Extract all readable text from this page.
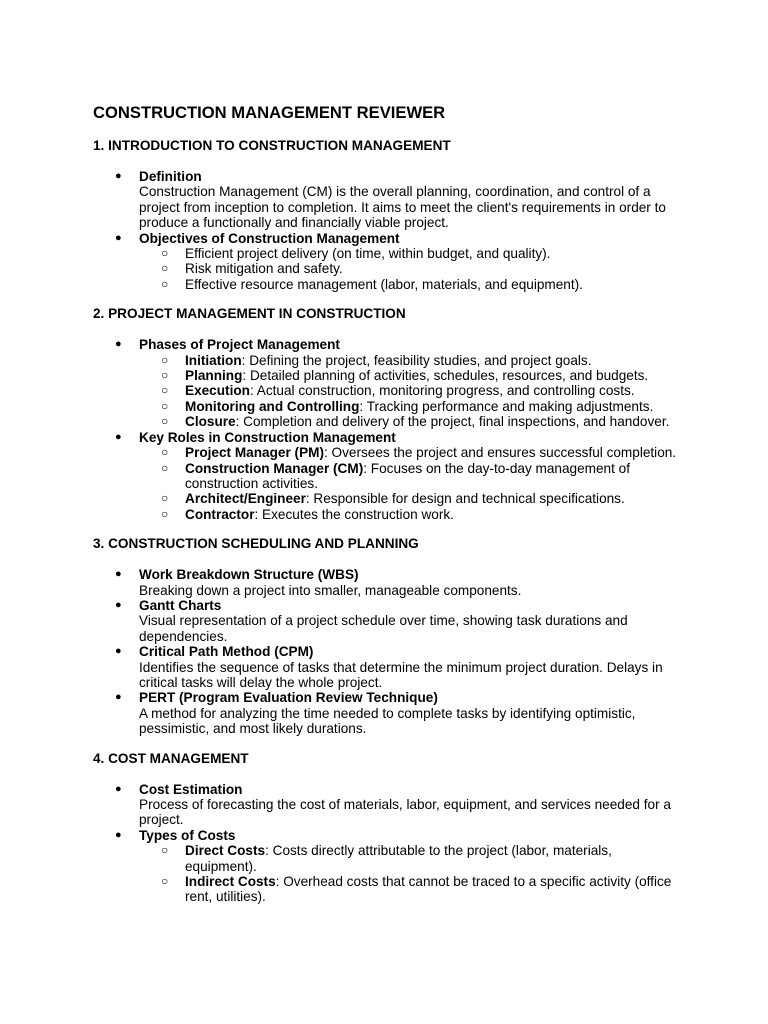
CONSTRUCTION MANAGEMENT REVIEWER
1. INTRODUCTION TO CONSTRUCTION MANAGEMENT
● Definition
Construction Management (CM) is the overall planning, coordination, and control of a project from inception to completion. It aims to meet the client's requirements in order to produce a functionally and financially viable project.
● Objectives of Construction Management
○ Efficient project delivery (on time, within budget, and quality).
○ Risk mitigation and safety.
○ Effective resource management (labor, materials, and equipment).
2. PROJECT MANAGEMENT IN CONSTRUCTION
● Phases of Project Management
○ Initiation: Defining the project, feasibility studies, and project goals.
○ Planning: Detailed planning of activities, schedules, resources, and budgets.
○ Execution: Actual construction, monitoring progress, and controlling costs.
○ Monitoring and Controlling: Tracking performance and making adjustments.
○ Closure: Completion and delivery of the project, final inspections, and handover.
● Key Roles in Construction Management
○ Project Manager (PM): Oversees the project and ensures successful completion.
○ Construction Manager (CM): Focuses on the day-to-day management of construction activities.
○ Architect/Engineer: Responsible for design and technical specifications.
○ Contractor: Executes the construction work.
3. CONSTRUCTION SCHEDULING AND PLANNING
● Work Breakdown Structure (WBS)
Breaking down a project into smaller, manageable components.
● Gantt Charts
Visual representation of a project schedule over time, showing task durations and dependencies.
● Critical Path Method (CPM)
Identifies the sequence of tasks that determine the minimum project duration. Delays in critical tasks will delay the whole project.
● PERT (Program Evaluation Review Technique)
A method for analyzing the time needed to complete tasks by identifying optimistic, pessimistic, and most likely durations.
4. COST MANAGEMENT
● Cost Estimation
Process of forecasting the cost of materials, labor, equipment, and services needed for a project.
● Types of Costs
○ Direct Costs: Costs directly attributable to the project (labor, materials, equipment).
○ Indirect Costs: Overhead costs that cannot be traced to a specific activity (office rent, utilities).
